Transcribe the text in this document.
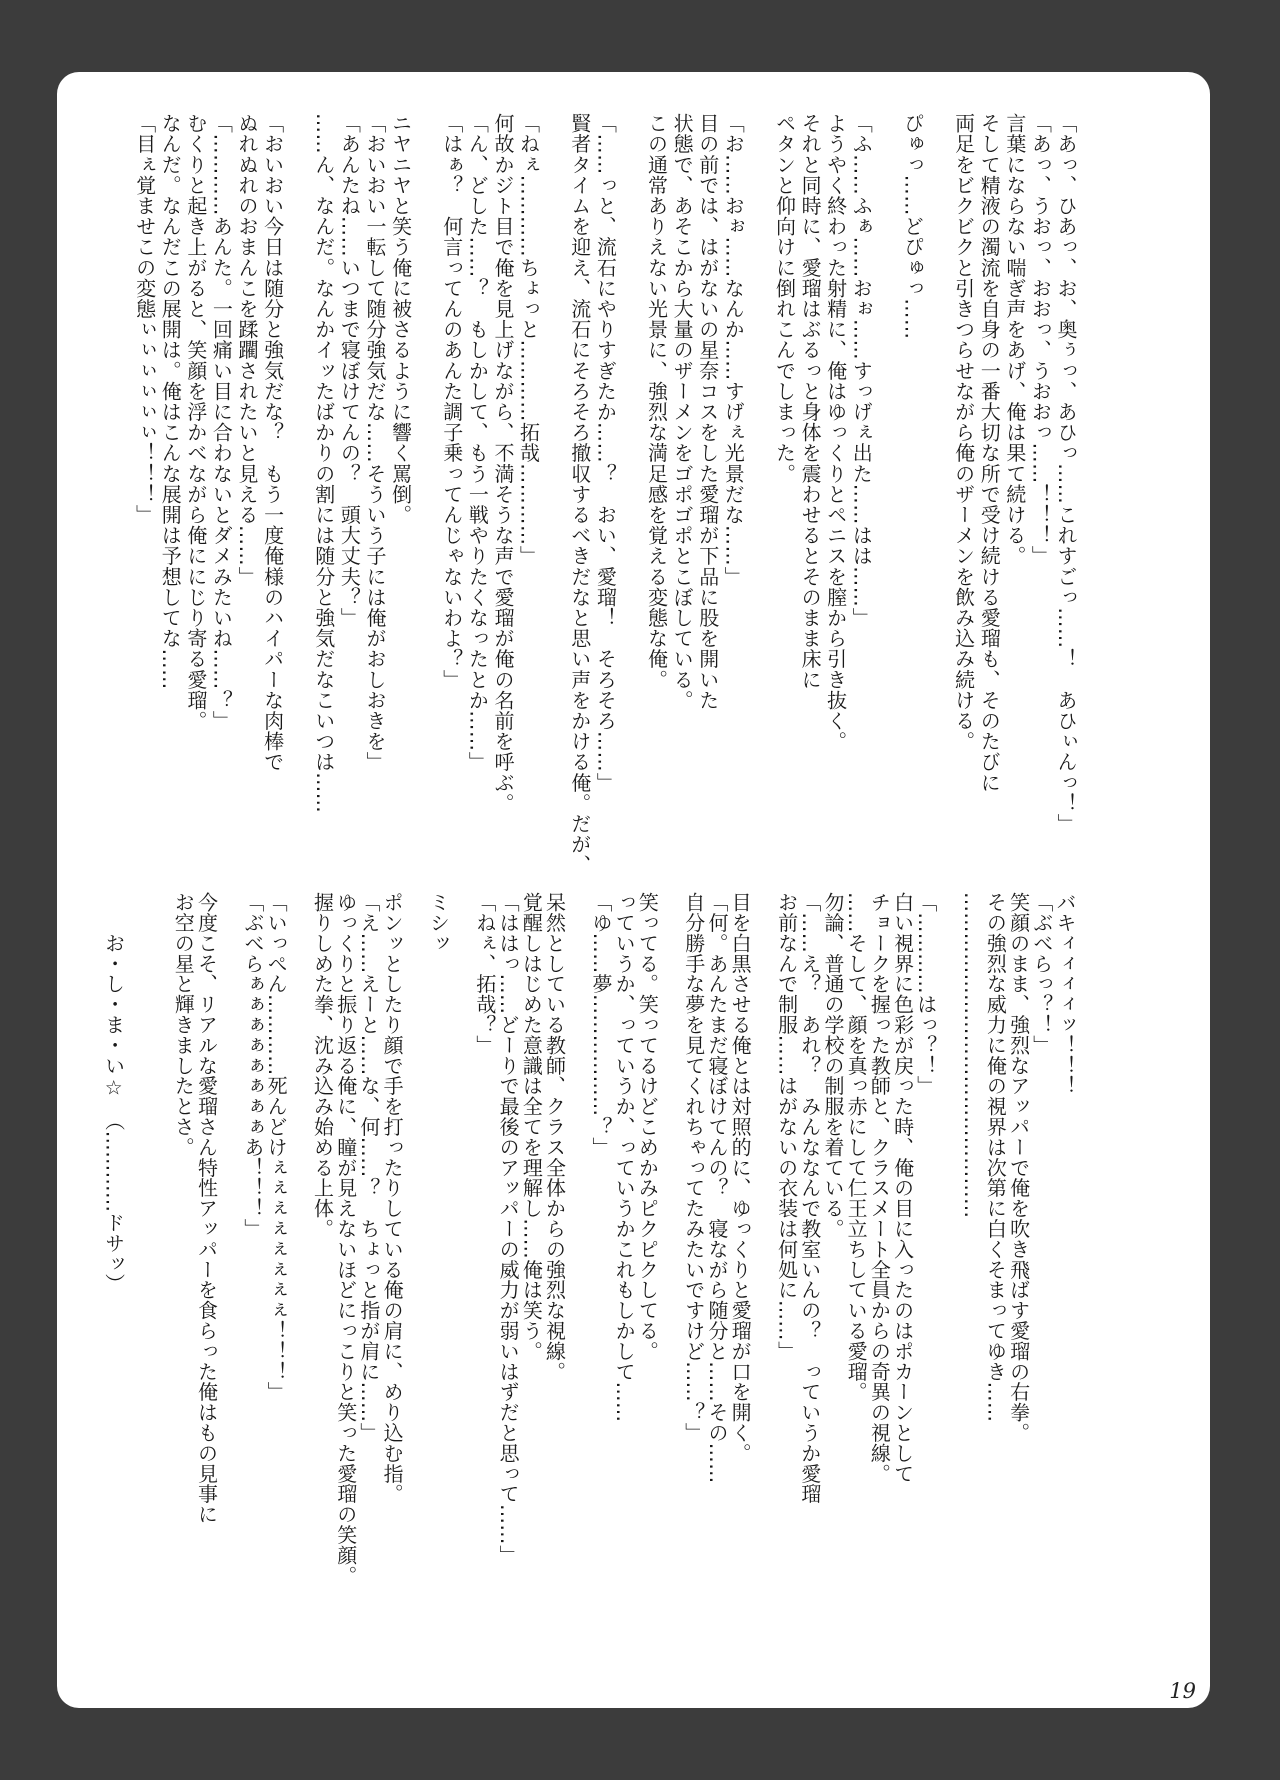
「あっ、ひあっ、お、奥ぅっ、あひっ……これすごっ……！　あひぃんっ！」

「あっ、うおっ、おおっ、うおおっ……！！！」

言葉にならない喘ぎ声をあげ、俺は果て続ける。

そして精液の濁流を自身の一番大切な所で受け続ける愛瑠も、そのたびに

両足をビクビクと引きつらせながら俺のザーメンを飲み込み続ける。

ぴゅっ……どぴゅっ……

「ふ……ふぁ……おぉ……すっげぇ出た……はは……」

ようやく終わった射精に、俺はゆっくりとペニスを膣から引き抜く。

それと同時に、愛瑠はぶるっと身体を震わせるとそのまま床に

ペタンと仰向けに倒れこんでしまった。

「お……おぉ……なんか……すげぇ光景だな……」

目の前では、はがないの星奈コスをした愛瑠が下品に股を開いた

状態で、あそこから大量のザーメンをゴポゴポとこぼしている。

この通常ありえない光景に、強烈な満足感を覚える変態な俺。

「……っと、流石にやりすぎたか……？　おい、愛瑠！　そろそろ……」

賢者タイムを迎え、流石にそろそろ撤収するべきだなと思い声をかける俺。だが、

「ねぇ…………ちょっと…………拓哉…………」

何故かジト目で俺を見上げながら、不満そうな声で愛瑠が俺の名前を呼ぶ。

「ん、どした……？　もしかして、もう一戦やりたくなったとか……」

「はぁ？　何言ってんのあんた調子乗ってんじゃないわよ？」

ニヤニヤと笑う俺に被さるように響く罵倒。

「おいおい一転して随分強気だな……そういう子には俺がおしおきを」

「あんたね……いつまで寝ぼけてんの？　頭大丈夫？」

……ん、なんだ。なんかイッたばかりの割には随分と強気だなこいつは……

「おいおい今日は随分と強気だな？　もう一度俺様のハイパーな肉棒で

ぬれぬれのおまんこを蹂躙されたいと見える……」

「…………あんた。一回痛い目に合わないとダメみたいね……？」

むくりと起き上がると、笑顔を浮かべながら俺ににじり寄る愛瑠。

なんだ。なんだこの展開は。俺はこんな展開は予想してな……

「目ぇ覚ませこの変態ぃぃぃぃぃぃ！！！」

バキィィィィッ！！！

「ぶべらっ？！」

笑顔のまま、強烈なアッパーで俺を吹き飛ばす愛瑠の右拳。

その強烈な威力に俺の視界は次第に白くそまってゆき……

…………………………………………

「…………はっ？！」

白い視界に色彩が戻った時、俺の目に入ったのはポカーンとして

チョークを握った教師と、クラスメート全員からの奇異の視線。

……そして、顔を真っ赤にして仁王立ちしている愛瑠。

勿論、普通の学校の制服を着ている。

「……え？　あれ？　みんななんで教室いんの？　っていうか愛瑠

お前なんで制服……はがないの衣装は何処に……」

目を白黒させる俺とは対照的に、ゆっくりと愛瑠が口を開く。

「何。あんたまだ寝ぼけてんの？　寝ながら随分と……その……

自分勝手な夢を見てくれちゃってたみたいですけど……？」

笑ってる。笑ってるけどこめかみピクピクしてる。

っていうか、っていうか、っていうかこれもしかして……

「ゆ……夢………………？」

呆然としている教師、クラス全体からの強烈な視線。

覚醒しはじめた意識は全てを理解し……俺は笑う。

「ははっ……どーりで最後のアッパーの威力が弱いはずだと思って……」

「ねぇ、拓哉？」

ミシッ

ポンッとしたり顔で手を打ったりしている俺の肩に、めり込む指。

「え……えーと……な、何……？　ちょっと指が肩に……」

ゆっくりと振り返る俺に、瞳が見えないほどにっこりと笑った愛瑠の笑顔。

握りしめた拳、沈み込み始める上体。

「いっぺん…………死んどけぇぇぇぇぇぇぇぇ！！！」

「ぶべらぁぁぁぁぁぁぁぁあ！！！」

今度こそ、リアルな愛瑠さん特性アッパーを食らった俺はもの見事に

お空の星と輝きましたとさ。

　　お・し・ま・い☆　（…………ドサッ）

19
